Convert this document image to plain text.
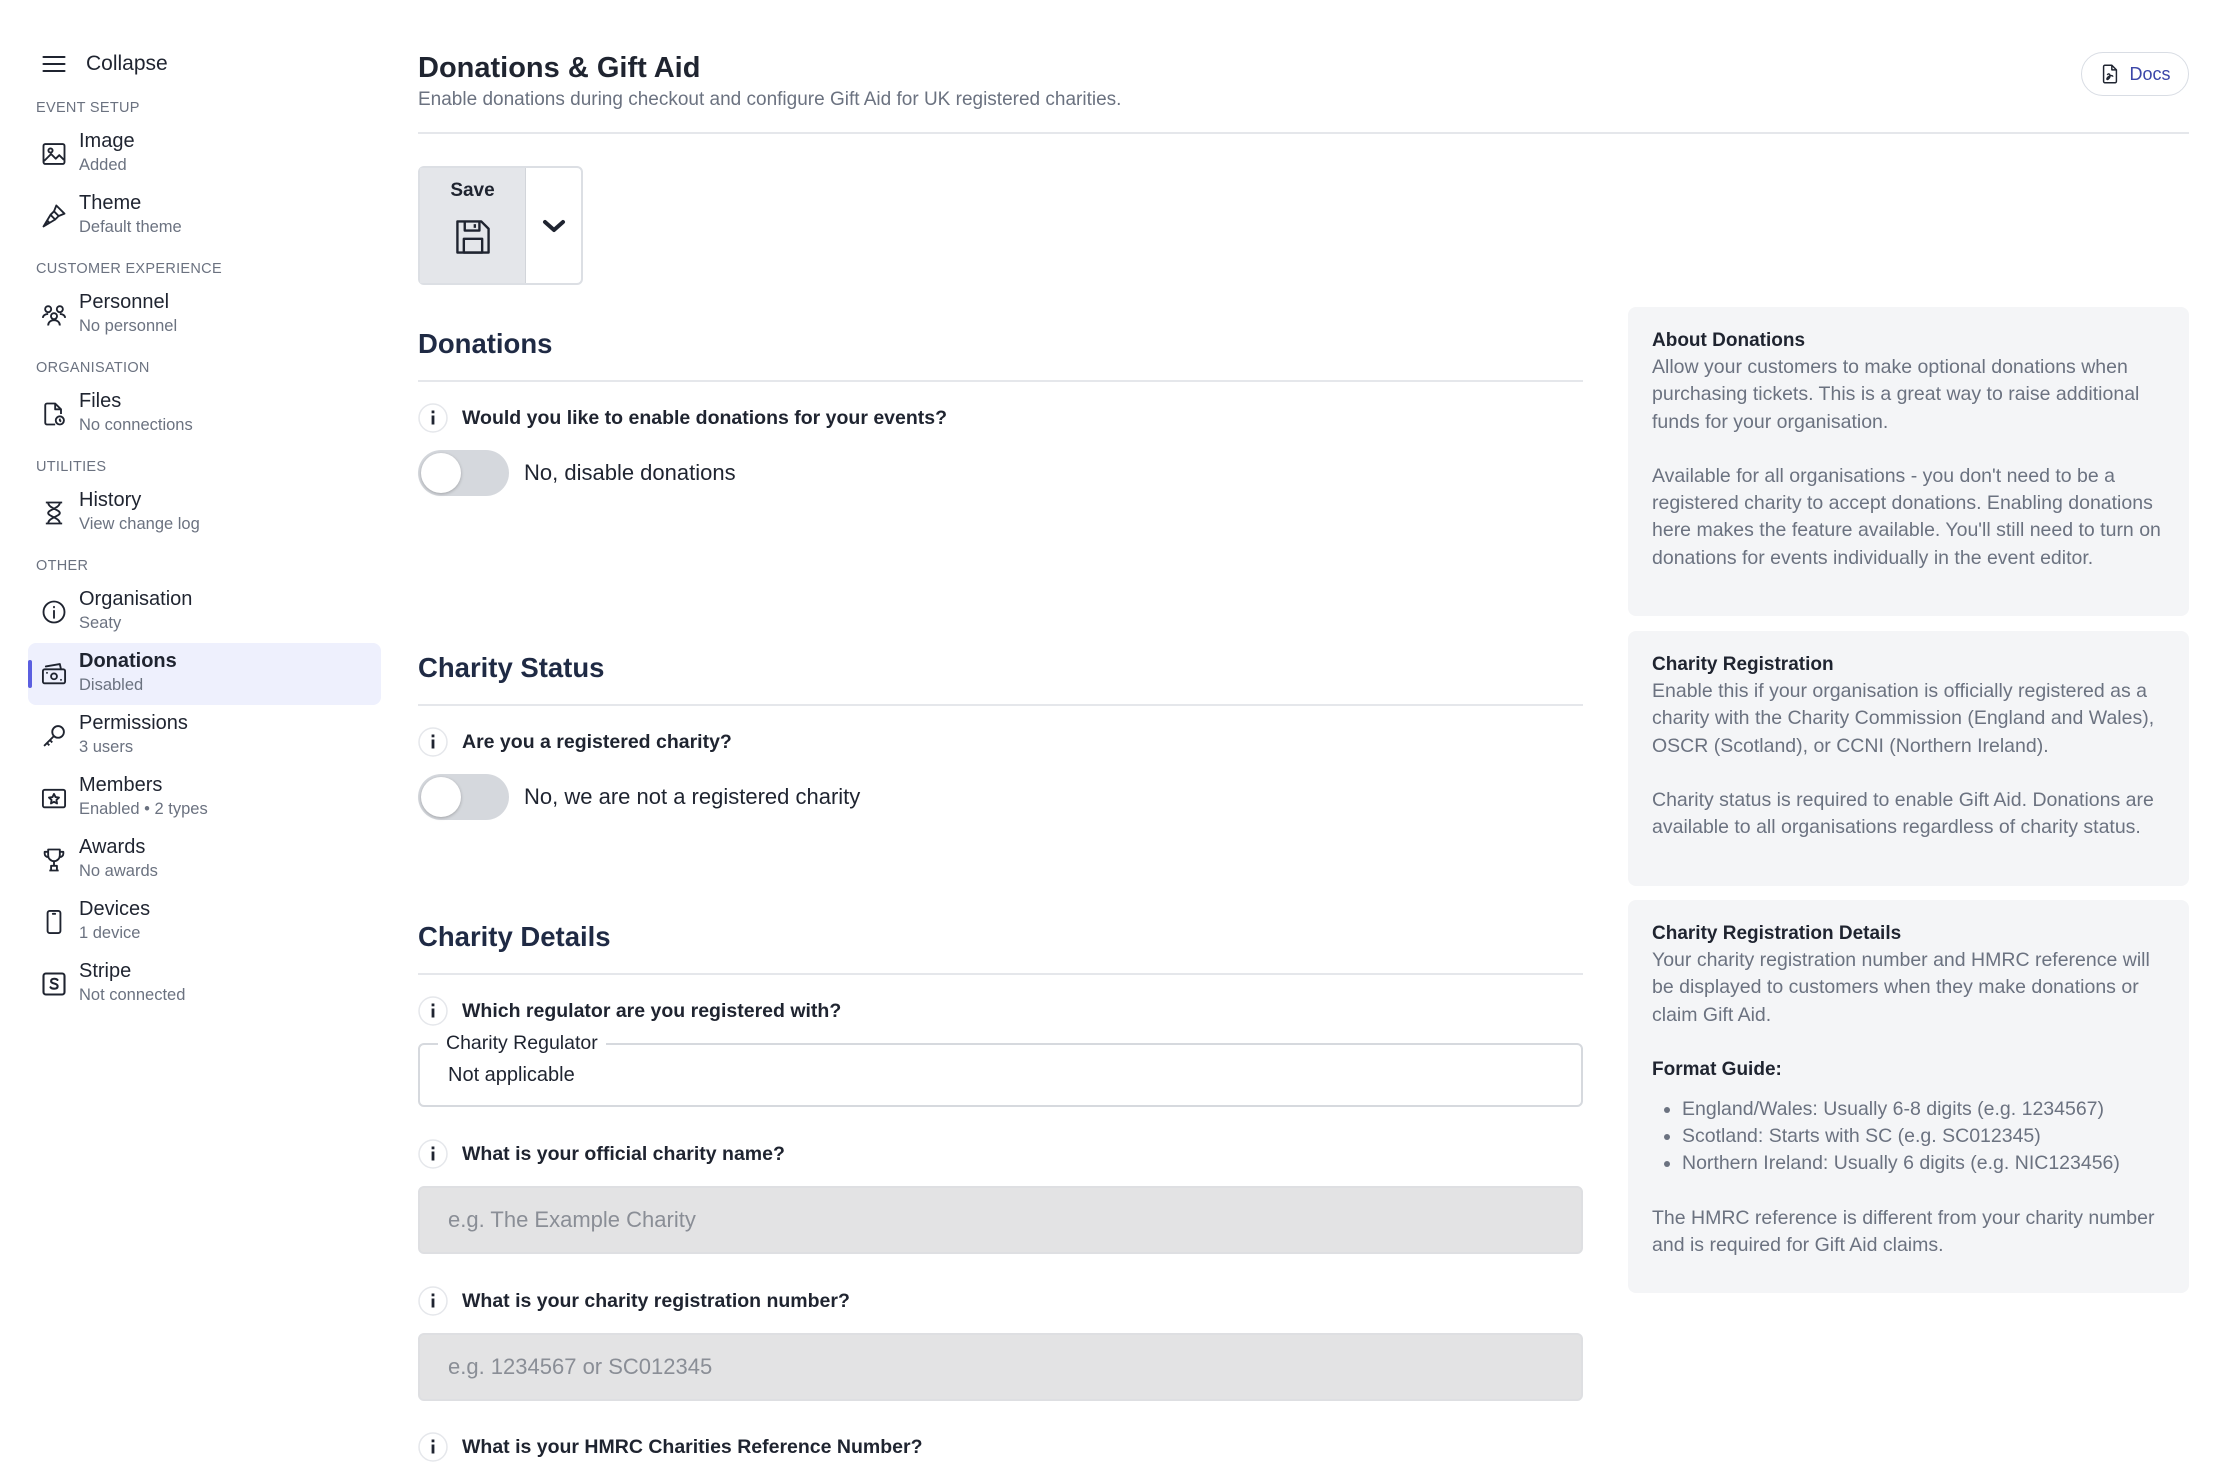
Collapse
EVENT SETUP
Image
Added
Theme
Default theme
CUSTOMER EXPERIENCE
Personnel
No personnel
ORGANISATION
Files
No connections
UTILITIES
History
View change log
OTHER
Organisation
Seaty
Donations
Disabled
Permissions
3 users
Members
Enabled • 2 types
Awards
No awards
Devices
1 device
Stripe
Not connected
Donations & Gift Aid
Enable donations during checkout and configure Gift Aid for UK registered charities.
Docs
Save
Donations
Would you like to enable donations for your events?
No, disable donations
Charity Status
Are you a registered charity?
No, we are not a registered charity
Charity Details
Which regulator are you registered with?
Charity Regulator
Not applicable
What is your official charity name?
e.g. The Example Charity
What is your charity registration number?
e.g. 1234567 or SC012345
What is your HMRC Charities Reference Number?
About Donations

Allow your customers to make optional donations when purchasing tickets. This is a great way to raise additional funds for your organisation.

Available for all organisations - you don't need to be a registered charity to accept donations. Enabling donations here makes the feature available. You'll still need to turn on donations for events individually in the event editor.

Charity Registration

Enable this if your organisation is officially registered as a charity with the Charity Commission (England and Wales), OSCR (Scotland), or CCNI (Northern Ireland).

Charity status is required to enable Gift Aid. Donations are available to all organisations regardless of charity status.

Charity Registration Details

Your charity registration number and HMRC reference will be displayed to customers when they make donations or claim Gift Aid.

Format Guide:
• England/Wales: Usually 6-8 digits (e.g. 1234567)
• Scotland: Starts with SC (e.g. SC012345)
• Northern Ireland: Usually 6 digits (e.g. NIC123456)

The HMRC reference is different from your charity number and is required for Gift Aid claims.
